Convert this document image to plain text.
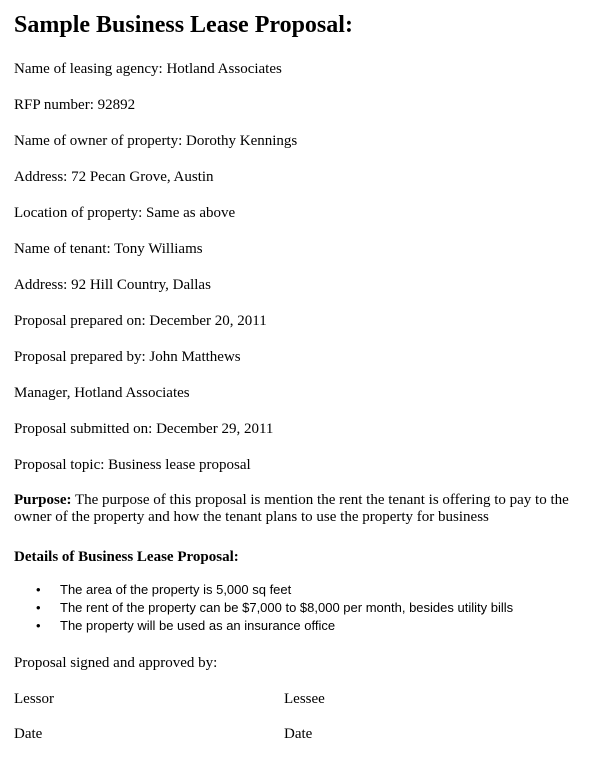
Sample Business Lease Proposal:
Name of leasing agency: Hotland Associates
RFP number: 92892
Name of owner of property: Dorothy Kennings
Address: 72 Pecan Grove, Austin
Location of property: Same as above
Name of tenant: Tony Williams
Address: 92 Hill Country, Dallas
Proposal prepared on: December 20, 2011
Proposal prepared by: John Matthews
Manager, Hotland Associates
Proposal submitted on: December 29, 2011
Proposal topic: Business lease proposal
Purpose: The purpose of this proposal is mention the rent the tenant is offering to pay to the owner of the property and how the tenant plans to use the property for business
Details of Business Lease Proposal:
• The area of the property is 5,000 sq feet
• The rent of the property can be $7,000 to $8,000 per month, besides utility bills
• The property will be used as an insurance office
Proposal signed and approved by:
Lessor	Lessee
Date	Date
